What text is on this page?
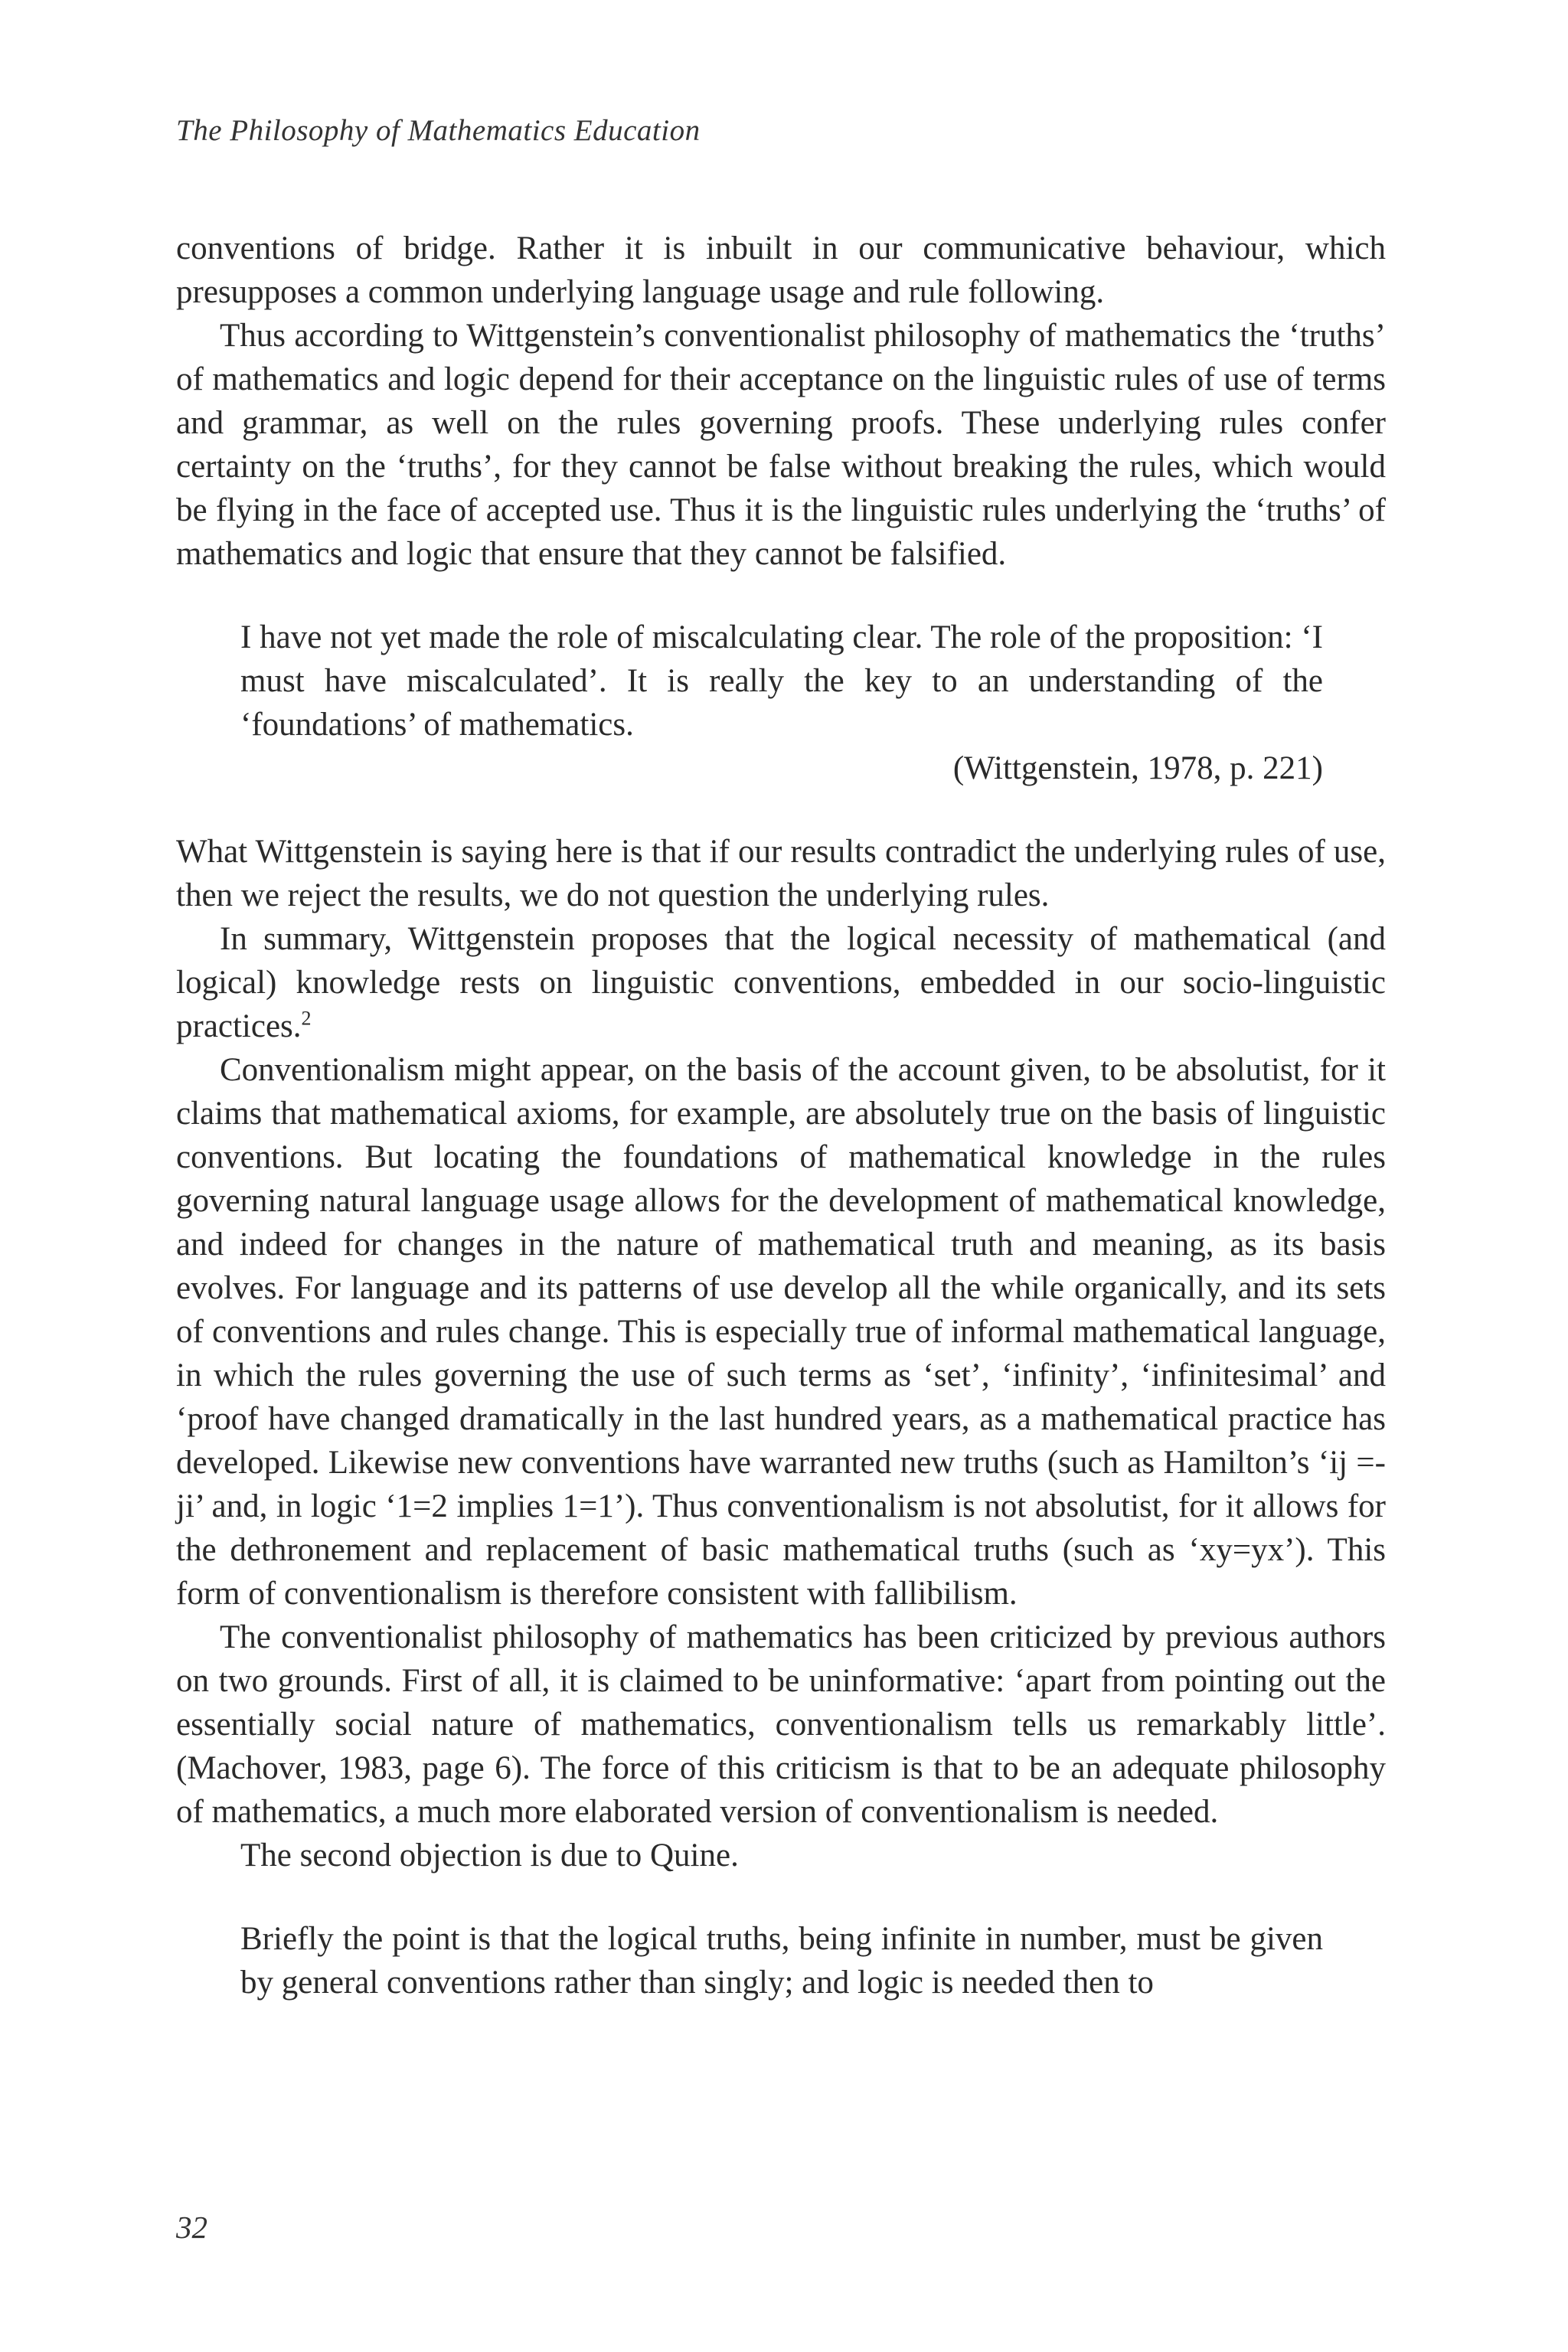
The Philosophy of Mathematics Education

conventions of bridge. Rather it is inbuilt in our communicative behaviour, which presupposes a common underlying language usage and rule following.

Thus according to Wittgenstein’s conventionalist philosophy of mathematics the ‘truths’ of mathematics and logic depend for their acceptance on the linguistic rules of use of terms and grammar, as well on the rules governing proofs. These underlying rules confer certainty on the ‘truths’, for they cannot be false without breaking the rules, which would be flying in the face of accepted use. Thus it is the linguistic rules underlying the ‘truths’ of mathematics and logic that ensure that they cannot be falsified.

I have not yet made the role of miscalculating clear. The role of the proposition: ‘I must have miscalculated’. It is really the key to an understanding of the ‘foundations’ of mathematics.

(Wittgenstein, 1978, p. 221)

What Wittgenstein is saying here is that if our results contradict the underlying rules of use, then we reject the results, we do not question the underlying rules.

In summary, Wittgenstein proposes that the logical necessity of mathematical (and logical) knowledge rests on linguistic conventions, embedded in our socio-linguistic practices.$^2$

Conventionalism might appear, on the basis of the account given, to be absolutist, for it claims that mathematical axioms, for example, are absolutely true on the basis of linguistic conventions. But locating the foundations of mathematical knowledge in the rules governing natural language usage allows for the development of mathematical knowledge, and indeed for changes in the nature of mathematical truth and meaning, as its basis evolves. For language and its patterns of use develop all the while organically, and its sets of conventions and rules change. This is especially true of informal mathematical language, in which the rules governing the use of such terms as ‘set’, ‘infinity’, ‘infinitesimal’ and ‘proof have changed dramatically in the last hundred years, as a mathematical practice has developed. Likewise new conventions have warranted new truths (such as Hamilton’s ‘ij =-ji’ and, in logic ‘1=2 implies 1=1’). Thus conventionalism is not absolutist, for it allows for the dethronement and replacement of basic mathematical truths (such as ‘xy=yx’). This form of conventionalism is therefore consistent with fallibilism.

The conventionalist philosophy of mathematics has been criticized by previous authors on two grounds. First of all, it is claimed to be uninformative: ‘apart from pointing out the essentially social nature of mathematics, conventionalism tells us remarkably little’. (Machover, 1983, page 6). The force of this criticism is that to be an adequate philosophy of mathematics, a much more elaborated version of conventionalism is needed.

The second objection is due to Quine.

Briefly the point is that the logical truths, being infinite in number, must be given by general conventions rather than singly; and logic is needed then to

32
